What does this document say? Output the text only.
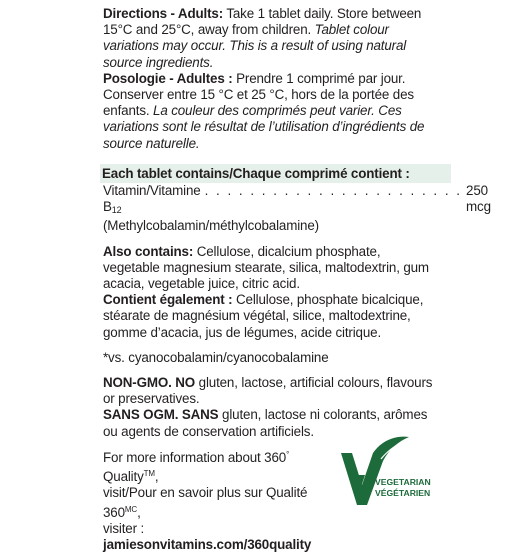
Directions - Adults: Take 1 tablet daily. Store between 15°C and 25°C, away from children. Tablet colour variations may occur. This is a result of using natural source ingredients.

Posologie - Adultes : Prendre 1 comprimé par jour. Conserver entre 15 °C et 25 °C, hors de la portée des enfants. La couleur des comprimés peut varier. Ces variations sont le résultat de l’utilisation d’ingrédients de source naturelle.

Each tablet contains/Chaque comprimé contient :
Vitamin/Vitamine $B_{12}$
. . . . . . . . . . . . . . . . . . . . . . . 250 mcg

(Methylcobalamin/méthylcobalamine)

Also contains: Cellulose, dicalcium phosphate, vegetable magnesium stearate, silica, maltodextrin, gum acacia, vegetable juice, citric acid.

Contient également : Cellulose, phosphate bicalcique, stéarate de magnésium végétal, silice, maltodextrine, gomme d’acacia, jus de légumes, acide citrique.

*vs. cyanocobalamin/cyanocobalamine

NON-GMO. NO gluten, lactose, artificial colours, flavours or preservatives.

SANS OGM. SANS gluten, lactose ni colorants, arômes ou agents de conservation artificiels.

For more information about 360° Quality™,

visit/Pour en savoir plus sur Qualité $360^{MC}$,

visiter : jamiesonvitamins.com/360quality

VEGETARIAN
VÉGÉTARIEN
